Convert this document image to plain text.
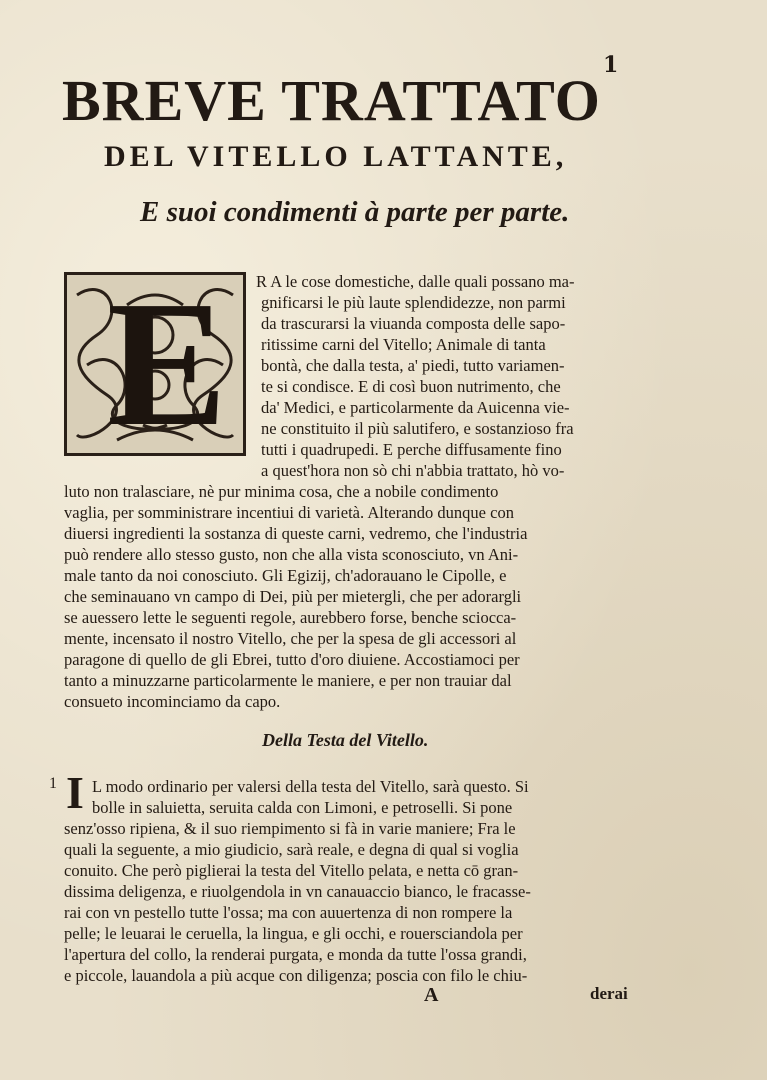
1
BREVE TRATTATO
DEL VITELLO LATTANTE,
E suoi condimenti à parte per parte.
E R A le cose domestiche, dalle quali possano ma-
gnificarsi le più laute splendidezze, non parmi
da trascurarsi la viuanda composta delle sapo-
ritissime carni del Vitello; Animale di tanta
bontà, che dalla testa, a' piedi, tutto variamen-
te si condisce. E di così buon nutrimento, che
da' Medici, e particolarmente da Auicenna vie-
ne constituito il più salutifero, e sostanzioso fra
tutti i quadrupedi. E perche diffusamente fino
a quest'hora non sò chi n'abbia trattato, hò vo-
luto non tralasciare, nè pur minima cosa, che a nobile condimento
vaglia, per somministrare incentiui di varietà. Alterando dunque con
diuersi ingredienti la sostanza di queste carni, vedremo, che l'industria
può rendere allo stesso gusto, non che alla vista sconosciuto, vn Ani-
male tanto da noi conosciuto. Gli Egizij, ch'adorauano le Cipolle, e
che seminauano vn campo di Dei, più per mietergli, che per adorargli
se auessero lette le seguenti regole, aurebbero forse, benche sciocca-
mente, incensato il nostro Vitello, che per la spesa de gli accessori al
paragone di quello de gli Ebrei, tutto d'oro diuiene. Accostiamoci per
tanto a minuzzarne particolarmente le maniere, e per non trauiar dal
consueto incominciamo da capo.
Della Testa del Vitello.
1 I L modo ordinario per valersi della testa del Vitello, sarà questo. Si
bolle in saluietta, seruita calda con Limoni, e petroselli. Si pone
senz'osso ripiena, & il suo riempimento si fà in varie maniere; Fra le
quali la seguente, a mio giudicio, sarà reale, e degna di qual si voglia
conuito. Che però piglierai la testa del Vitello pelata, e netta cō gran-
dissima deligenza, e riuolgendola in vn canauaccio bianco, le fracasse-
rai con vn pestello tutte l'ossa; ma con auuertenza di non rompere la
pelle; le leuarai le ceruella, la lingua, e gli occhi, e rouersciandola per
l'apertura del collo, la renderai purgata, e monda da tutte l'ossa grandi,
e piccole, lauandola a più acque con diligenza; poscia con filo le chiu-
A	derai
